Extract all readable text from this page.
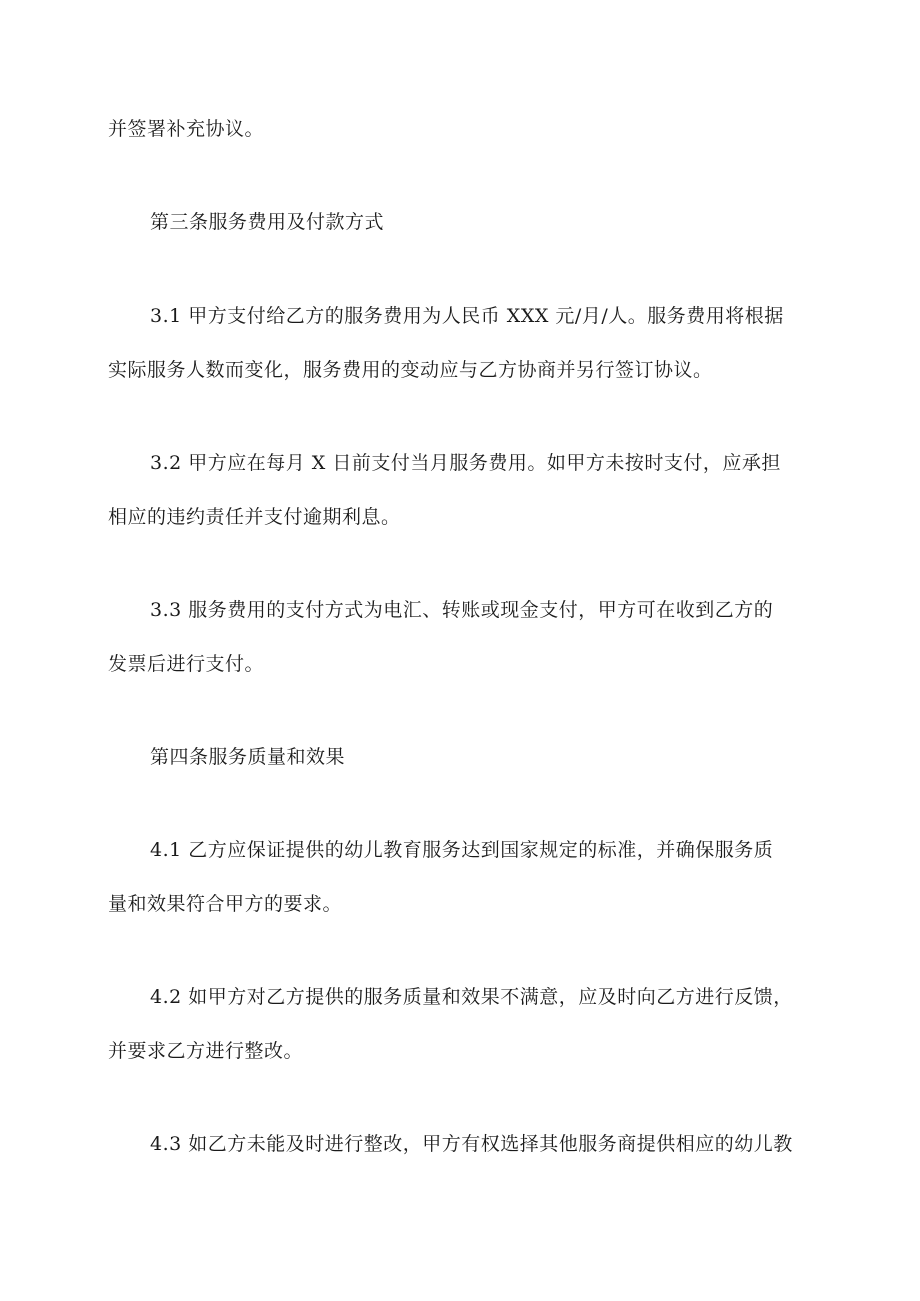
并签署补充协议。
第三条服务费用及付款方式
3.1 甲方支付给乙方的服务费用为人民币 XXX 元/月/人。服务费用将根据
实际服务人数而变化，服务费用的变动应与乙方协商并另行签订协议。
3.2 甲方应在每月 X 日前支付当月服务费用。如甲方未按时支付，应承担
相应的违约责任并支付逾期利息。
3.3 服务费用的支付方式为电汇、转账或现金支付，甲方可在收到乙方的
发票后进行支付。
第四条服务质量和效果
4.1 乙方应保证提供的幼儿教育服务达到国家规定的标准，并确保服务质
量和效果符合甲方的要求。
4.2 如甲方对乙方提供的服务质量和效果不满意，应及时向乙方进行反馈，
并要求乙方进行整改。
4.3 如乙方未能及时进行整改，甲方有权选择其他服务商提供相应的幼儿教
